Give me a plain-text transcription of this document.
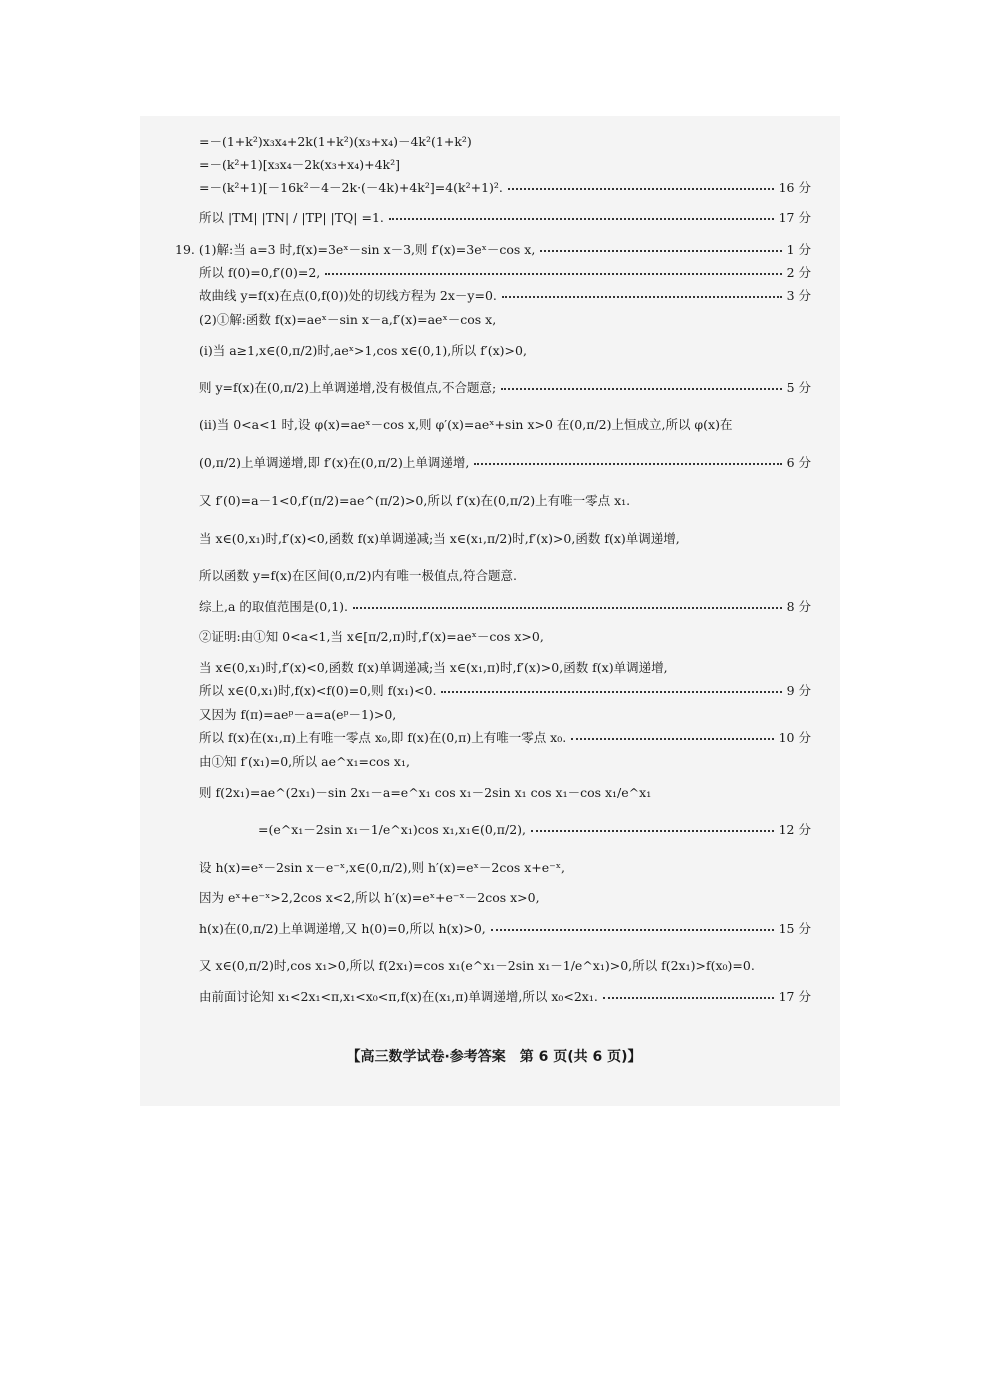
=－(1+k²)x₃x₄+2k(1+k²)(x₃+x₄)－4k²(1+k²)
=－(k²+1)[x₃x₄－2k(x₃+x₄)+4k²]
=－(k²+1)[－16k²－4－2k·(－4k)+4k²]=4(k²+1)².	16 分
所以 |TM| |TN| / |TP| |TQ| =1.	17 分
19. (1)解:当 a=3 时,f(x)=3eˣ－sin x－3,则 f′(x)=3eˣ－cos x,	1 分
所以 f(0)=0,f′(0)=2,	2 分
故曲线 y=f(x)在点(0,f(0))处的切线方程为 2x－y=0.	3 分
(2)①解:函数 f(x)=aeˣ－sin x－a,f′(x)=aeˣ－cos x,
(ⅰ)当 a≥1,x∈(0,π/2)时,aeˣ>1,cos x∈(0,1),所以 f′(x)>0,
则 y=f(x)在(0,π/2)上单调递增,没有极值点,不合题意;	5 分
(ⅱ)当 0<a<1 时,设 φ(x)=aeˣ－cos x,则 φ′(x)=aeˣ+sin x>0 在(0,π/2)上恒成立,所以 φ(x)在
(0,π/2)上单调递增,即 f′(x)在(0,π/2)上单调递增,	6 分
又 f′(0)=a－1<0,f′(π/2)=ae^(π/2)>0,所以 f′(x)在(0,π/2)上有唯一零点 x₁.
当 x∈(0,x₁)时,f′(x)<0,函数 f(x)单调递减;当 x∈(x₁,π/2)时,f′(x)>0,函数 f(x)单调递增,
所以函数 y=f(x)在区间(0,π/2)内有唯一极值点,符合题意.
综上,a 的取值范围是(0,1).	8 分
②证明:由①知 0<a<1,当 x∈[π/2,π)时,f′(x)=aeˣ－cos x>0,
当 x∈(0,x₁)时,f′(x)<0,函数 f(x)单调递减;当 x∈(x₁,π)时,f′(x)>0,函数 f(x)单调递增,
所以 x∈(0,x₁)时,f(x)<f(0)=0,则 f(x₁)<0.	9 分
又因为 f(π)=aeᵖ－a=a(eᵖ－1)>0,
所以 f(x)在(x₁,π)上有唯一零点 x₀,即 f(x)在(0,π)上有唯一零点 x₀.	10 分
由①知 f′(x₁)=0,所以 ae^x₁=cos x₁,
则 f(2x₁)=ae^(2x₁)－sin 2x₁－a=e^x₁ cos x₁－2sin x₁ cos x₁－cos x₁/e^x₁
=(e^x₁－2sin x₁－1/e^x₁)cos x₁,x₁∈(0,π/2),	12 分
设 h(x)=eˣ－2sin x－e⁻ˣ,x∈(0,π/2),则 h′(x)=eˣ－2cos x+e⁻ˣ,
因为 eˣ+e⁻ˣ>2,2cos x<2,所以 h′(x)=eˣ+e⁻ˣ－2cos x>0,
h(x)在(0,π/2)上单调递增,又 h(0)=0,所以 h(x)>0,	15 分
又 x∈(0,π/2)时,cos x₁>0,所以 f(2x₁)=cos x₁(e^x₁－2sin x₁－1/e^x₁)>0,所以 f(2x₁)>f(x₀)=0.
由前面讨论知 x₁<2x₁<π,x₁<x₀<π,f(x)在(x₁,π)单调递增,所以 x₀<2x₁.	17 分
【高三数学试卷·参考答案　第 6 页(共 6 页)】
